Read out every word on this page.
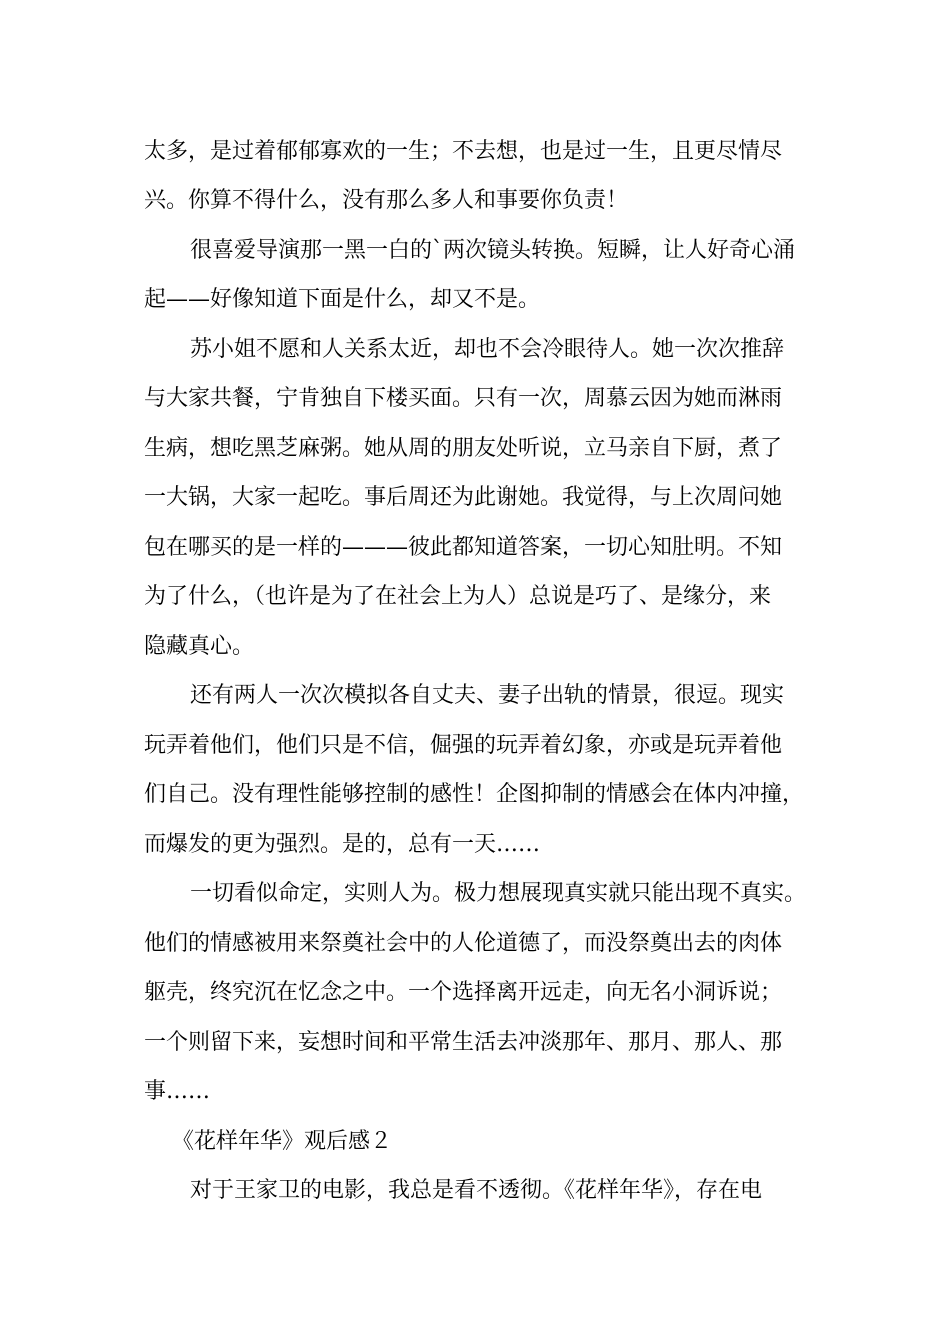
太多，是过着郁郁寡欢的一生；不去想，也是过一生，且更尽情尽
兴。你算不得什么，没有那么多人和事要你负责！
很喜爱导演那一黑一白的`两次镜头转换。短瞬，让人好奇心涌
起——好像知道下面是什么，却又不是。
苏小姐不愿和人关系太近，却也不会冷眼待人。她一次次推辞
与大家共餐，宁肯独自下楼买面。只有一次，周慕云因为她而淋雨
生病，想吃黑芝麻粥。她从周的朋友处听说，立马亲自下厨，煮了
一大锅，大家一起吃。事后周还为此谢她。我觉得，与上次周问她
包在哪买的是一样的———彼此都知道答案，一切心知肚明。不知
为了什么，（也许是为了在社会上为人）总说是巧了、是缘分，来
隐藏真心。
还有两人一次次模拟各自丈夫、妻子出轨的情景，很逗。现实
玩弄着他们，他们只是不信，倔强的玩弄着幻象，亦或是玩弄着他
们自己。没有理性能够控制的感性！企图抑制的情感会在体内冲撞，
而爆发的更为强烈。是的，总有一天……
一切看似命定，实则人为。极力想展现真实就只能出现不真实。
他们的情感被用来祭奠社会中的人伦道德了，而没祭奠出去的肉体
躯壳，终究沉在忆念之中。一个选择离开远走，向无名小洞诉说；
一个则留下来，妄想时间和平常生活去冲淡那年、那月、那人、那
事……
《花样年华》观后感２
对于王家卫的电影，我总是看不透彻。《花样年华》，存在电
